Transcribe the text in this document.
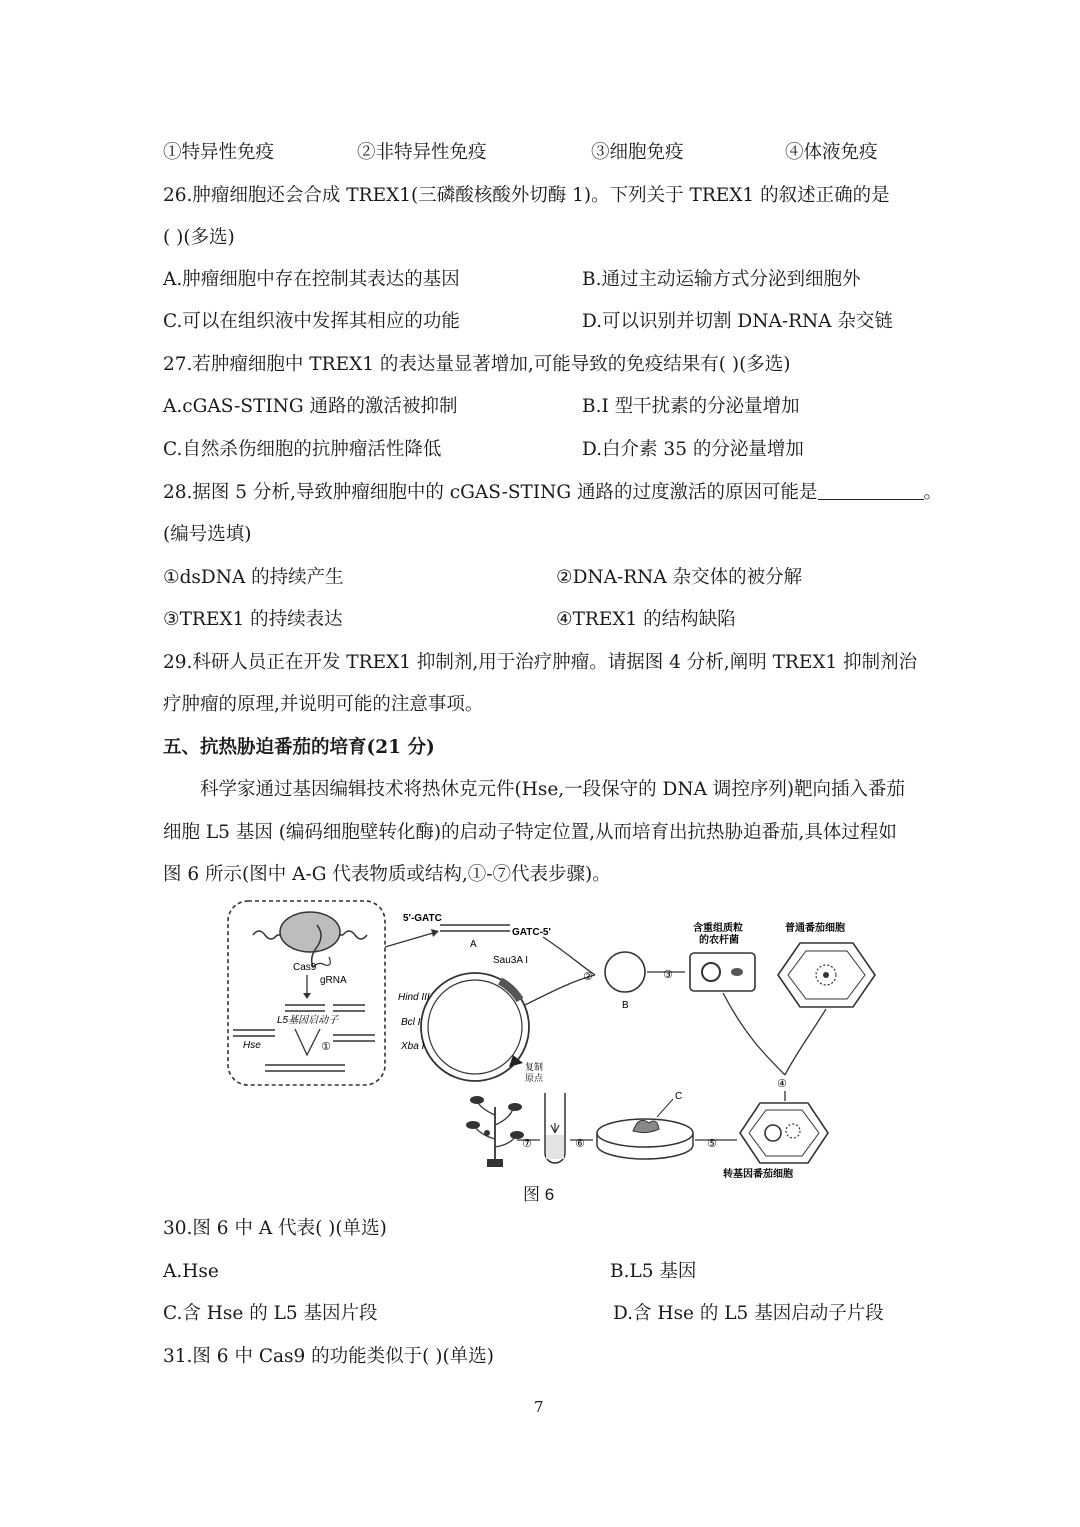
①特异性免疫	②非特异性免疫	③细胞免疫	④体液免疫
26.肿瘤细胞还会合成 TREX1(三磷酸核酸外切酶 1)。下列关于 TREX1 的叙述正确的是
( )(多选)
A.肿瘤细胞中存在控制其表达的基因	B.通过主动运输方式分泌到细胞外
C.可以在组织液中发挥其相应的功能	D.可以识别并切割 DNA-RNA 杂交链
27.若肿瘤细胞中 TREX1 的表达量显著增加,可能导致的免疫结果有( )(多选)
A.cGAS-STING 通路的激活被抑制	B.I 型干扰素的分泌量增加
C.自然杀伤细胞的抗肿瘤活性降低	D.白介素 35 的分泌量增加
28.据图 5 分析,导致肿瘤细胞中的 cGAS-STING 通路的过度激活的原因可能是	。
(编号选填)
①dsDNA 的持续产生	②DNA-RNA 杂交体的被分解
③TREX1 的持续表达	④TREX1 的结构缺陷
29.科研人员正在开发 TREX1 抑制剂,用于治疗肿瘤。请据图 4 分析,阐明 TREX1 抑制剂治
疗肿瘤的原理,并说明可能的注意事项。
五、抗热胁迫番茄的培育(21 分)
科学家通过基因编辑技术将热休克元件(Hse,一段保守的 DNA 调控序列)靶向插入番茄
细胞 L5 基因 (编码细胞壁转化酶)的启动子特定位置,从而培育出抗热胁迫番茄,具体过程如
图 6 所示(图中 A-G 代表物质或结构,①-⑦代表步骤)。
Cas9
gRNA
L5基因启动子
Hse	①
5'-GATC
GATC-5'
A
Sau3A I
Hind III
Bcl I
Xba I
复制
原点
②
B
③
含重组质粒
的农杆菌
普通番茄细胞
④
转基因番茄细胞
⑤
C
⑥
⑦
图 6
30.图 6 中 A 代表( )(单选)
A.Hse	B.L5 基因
C.含 Hse 的 L5 基因片段	D.含 Hse 的 L5 基因启动子片段
31.图 6 中 Cas9 的功能类似于( )(单选)
7
